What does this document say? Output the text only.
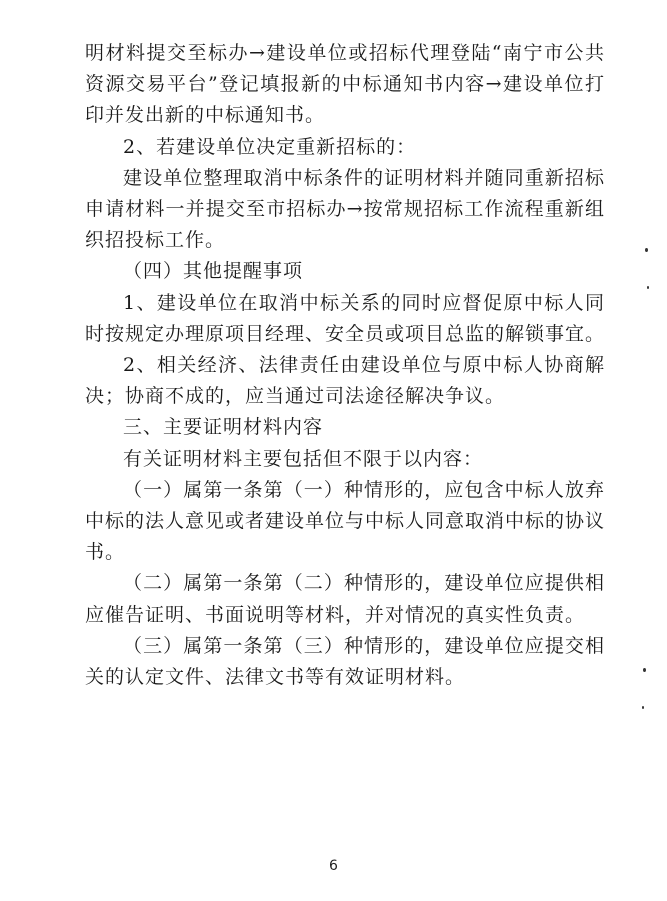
明材料提交至标办→建设单位或招标代理登陆“南宁市公共资源交易平台”登记填报新的中标通知书内容→建设单位打印并发出新的中标通知书。

2、若建设单位决定重新招标的：

建设单位整理取消中标条件的证明材料并随同重新招标申请材料一并提交至市招标办→按常规招标工作流程重新组织招投标工作。

（四）其他提醒事项

1、建设单位在取消中标关系的同时应督促原中标人同时按规定办理原项目经理、安全员或项目总监的解锁事宜。

2、相关经济、法律责任由建设单位与原中标人协商解决；协商不成的，应当通过司法途径解决争议。

三、主要证明材料内容

有关证明材料主要包括但不限于以内容：

（一）属第一条第（一）种情形的，应包含中标人放弃中标的法人意见或者建设单位与中标人同意取消中标的协议书。

（二）属第一条第（二）种情形的，建设单位应提供相应催告证明、书面说明等材料，并对情况的真实性负责。

（三）属第一条第（三）种情形的，建设单位应提交相关的认定文件、法律文书等有效证明材料。

6
